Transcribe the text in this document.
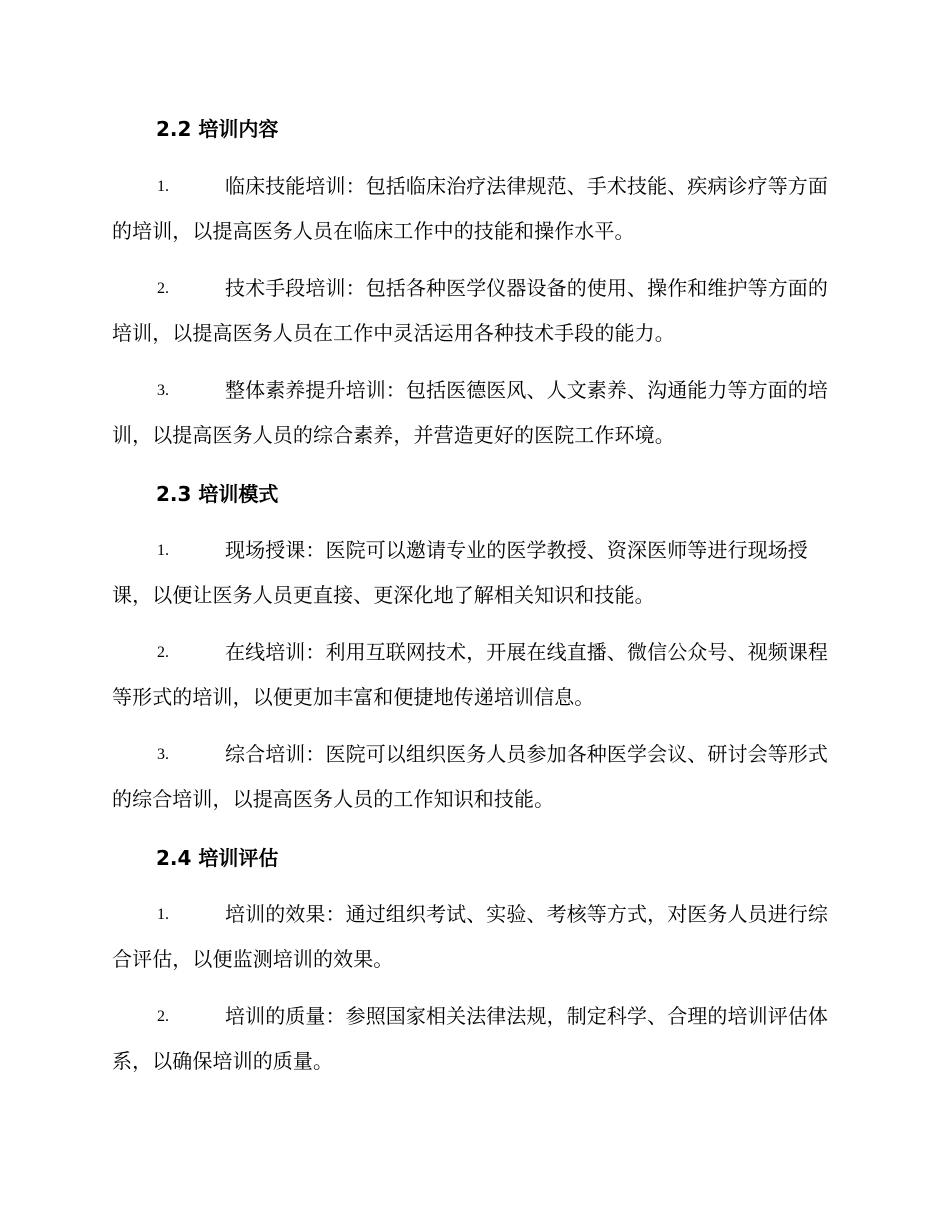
2.2 培训内容
1.	临床技能培训：包括临床治疗法律规范、手术技能、疾病诊疗等方面的培训，以提高医务人员在临床工作中的技能和操作水平。
2.	技术手段培训：包括各种医学仪器设备的使用、操作和维护等方面的培训，以提高医务人员在工作中灵活运用各种技术手段的能力。
3.	整体素养提升培训：包括医德医风、人文素养、沟通能力等方面的培训，以提高医务人员的综合素养，并营造更好的医院工作环境。
2.3 培训模式
1.	现场授课：医院可以邀请专业的医学教授、资深医师等进行现场授课，以便让医务人员更直接、更深化地了解相关知识和技能。
2.	在线培训：利用互联网技术，开展在线直播、微信公众号、视频课程等形式的培训，以便更加丰富和便捷地传递培训信息。
3.	综合培训：医院可以组织医务人员参加各种医学会议、研讨会等形式的综合培训，以提高医务人员的工作知识和技能。
2.4 培训评估
1.	培训的效果：通过组织考试、实验、考核等方式，对医务人员进行综合评估，以便监测培训的效果。
2.	培训的质量：参照国家相关法律法规，制定科学、合理的培训评估体系，以确保培训的质量。
